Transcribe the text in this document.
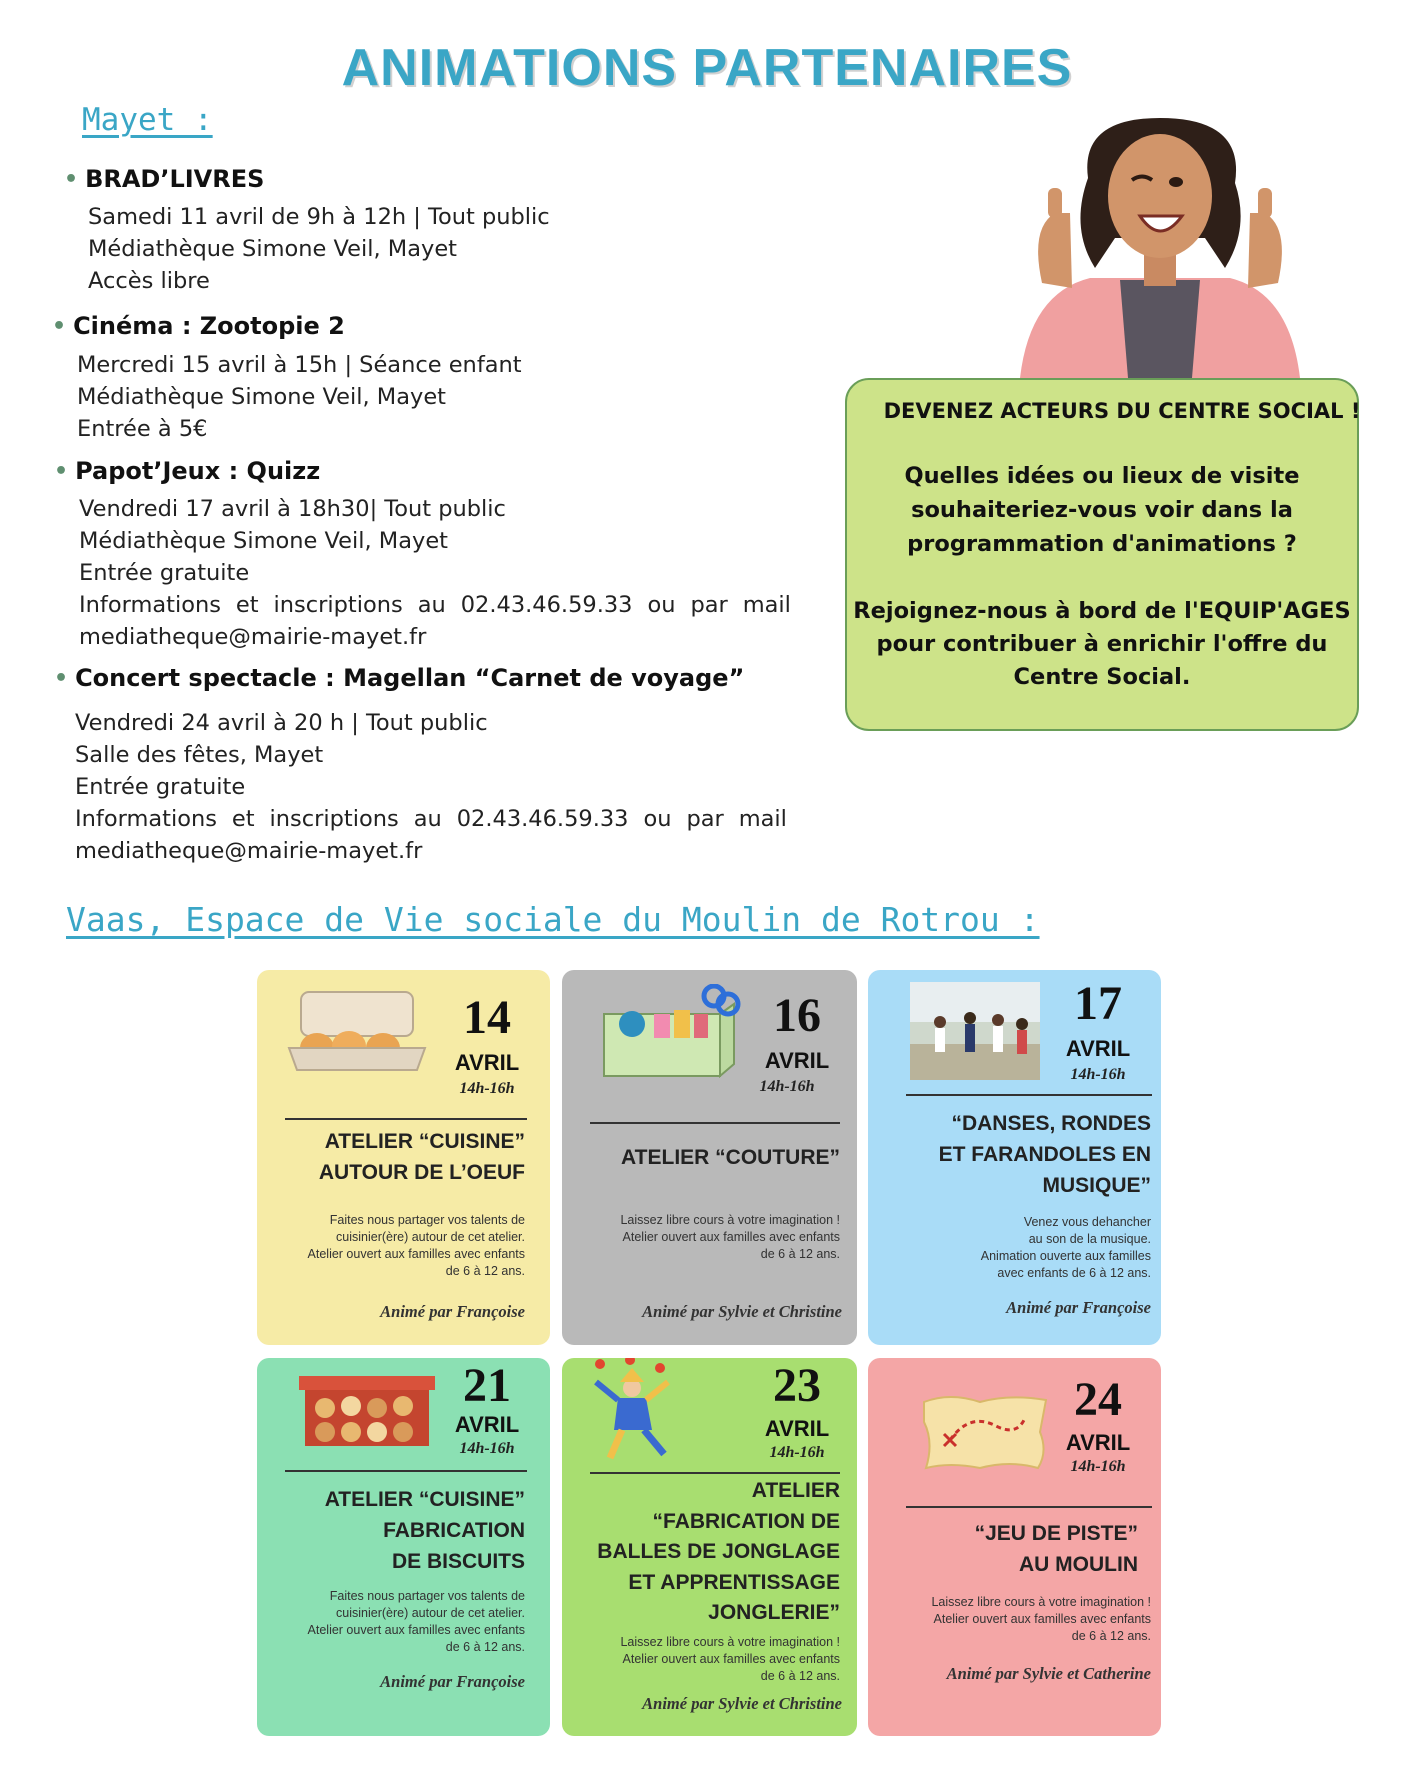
ANIMATIONS PARTENAIRES
Mayet :
• BRAD’LIVRES
Samedi 11 avril de 9h à 12h | Tout public
Médiathèque Simone Veil, Mayet
Accès libre
• Cinéma : Zootopie 2
Mercredi 15 avril à 15h | Séance enfant
Médiathèque Simone Veil, Mayet
Entrée à 5€
• Papot’Jeux : Quizz
Vendredi 17 avril à 18h30| Tout public
Médiathèque Simone Veil, Mayet
Entrée gratuite
Informations et inscriptions au 02.43.46.59.33 ou par mail
mediatheque@mairie-mayet.fr
• Concert spectacle : Magellan “Carnet de voyage”
Vendredi 24 avril à 20 h | Tout public
Salle des fêtes, Mayet
Entrée gratuite
Informations et inscriptions au 02.43.46.59.33 ou par mail
mediatheque@mairie-mayet.fr
DEVENEZ ACTEURS DU CENTRE SOCIAL !
Quelles idées ou lieux de visite
souhaiteriez-vous voir dans la
programmation d'animations ?
Rejoignez-nous à bord de l'EQUIP'AGES
pour contribuer à enrichir l'offre du
Centre Social.
Vaas, Espace de Vie sociale du Moulin de Rotrou :
14
AVRIL
14h-16h
ATELIER “CUISINE”
AUTOUR DE L’OEUF
Faites nous partager vos talents de
cuisinier(ère) autour de cet atelier.
Atelier ouvert aux familles avec enfants
de 6 à 12 ans.
Animé par Françoise
16
AVRIL
14h-16h
ATELIER “COUTURE”
Laissez libre cours à votre imagination !
Atelier ouvert aux familles avec enfants
de 6 à 12 ans.
Animé par Sylvie et Christine
17
AVRIL
14h-16h
“DANSES, RONDES
ET FARANDOLES EN
MUSIQUE”
Venez vous dehancher
au son de la musique.
Animation ouverte aux familles
avec enfants de 6 à 12 ans.
Animé par Françoise
21
AVRIL
14h-16h
ATELIER “CUISINE”
FABRICATION
DE BISCUITS
Faites nous partager vos talents de
cuisinier(ère) autour de cet atelier.
Atelier ouvert aux familles avec enfants
de 6 à 12 ans.
Animé par Françoise
23
AVRIL
14h-16h
ATELIER
“FABRICATION DE
BALLES DE JONGLAGE
ET APPRENTISSAGE
JONGLERIE”
Laissez libre cours à votre imagination !
Atelier ouvert aux familles avec enfants
de 6 à 12 ans.
Animé par Sylvie et Christine
24
AVRIL
14h-16h
“JEU DE PISTE”
AU MOULIN
Laissez libre cours à votre imagination !
Atelier ouvert aux familles avec enfants
de 6 à 12 ans.
Animé par Sylvie et Catherine
